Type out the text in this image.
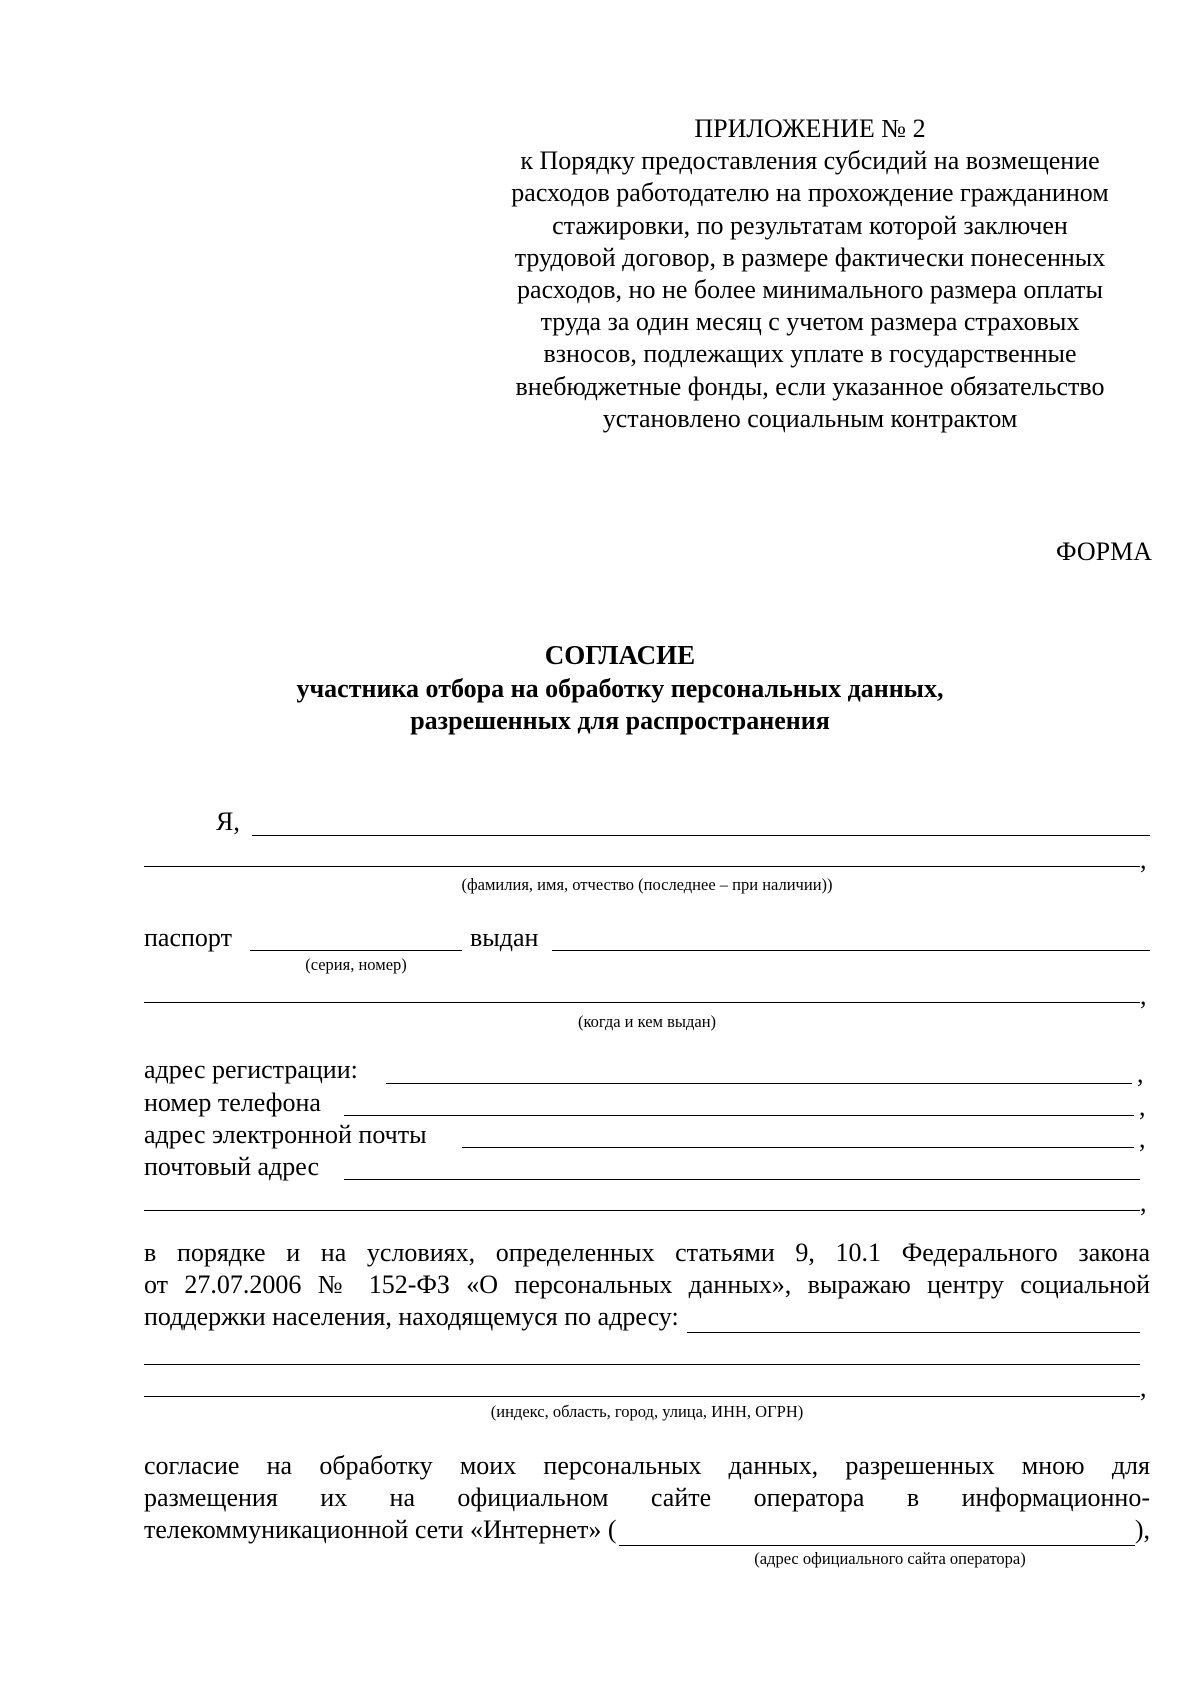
ПРИЛОЖЕНИЕ № 2
к Порядку предоставления субсидий на возмещение
расходов работодателю на прохождение гражданином
стажировки, по результатам которой заключен
трудовой договор, в размере фактически понесенных
расходов, но не более минимального размера оплаты
труда за один месяц с учетом размера страховых
взносов, подлежащих уплате в государственные
внебюджетные фонды, если указанное обязательство
установлено социальным контрактом
ФОРМА
СОГЛАСИЕ
участника отбора на обработку персональных данных,
разрешенных для распространения
Я,
,
(фамилия, имя, отчество (последнее – при наличии))
паспорт	выдан
(серия, номер)
,
(когда и кем выдан)
адрес регистрации:	,
номер телефона	,
адрес электронной почты	,
почтовый адрес
,
в порядке и на условиях, определенных статьями 9, 10.1 Федерального закона
от 27.07.2006 № 152-ФЗ «О персональных данных», выражаю центру социальной
поддержки населения, находящемуся по адресу:
,
(индекс, область, город, улица, ИНН, ОГРН)
согласие на обработку моих персональных данных, разрешенных мною для
размещения их на официальном сайте оператора в информационно-
телекоммуникационной сети «Интернет» (	),
(адрес официального сайта оператора)
